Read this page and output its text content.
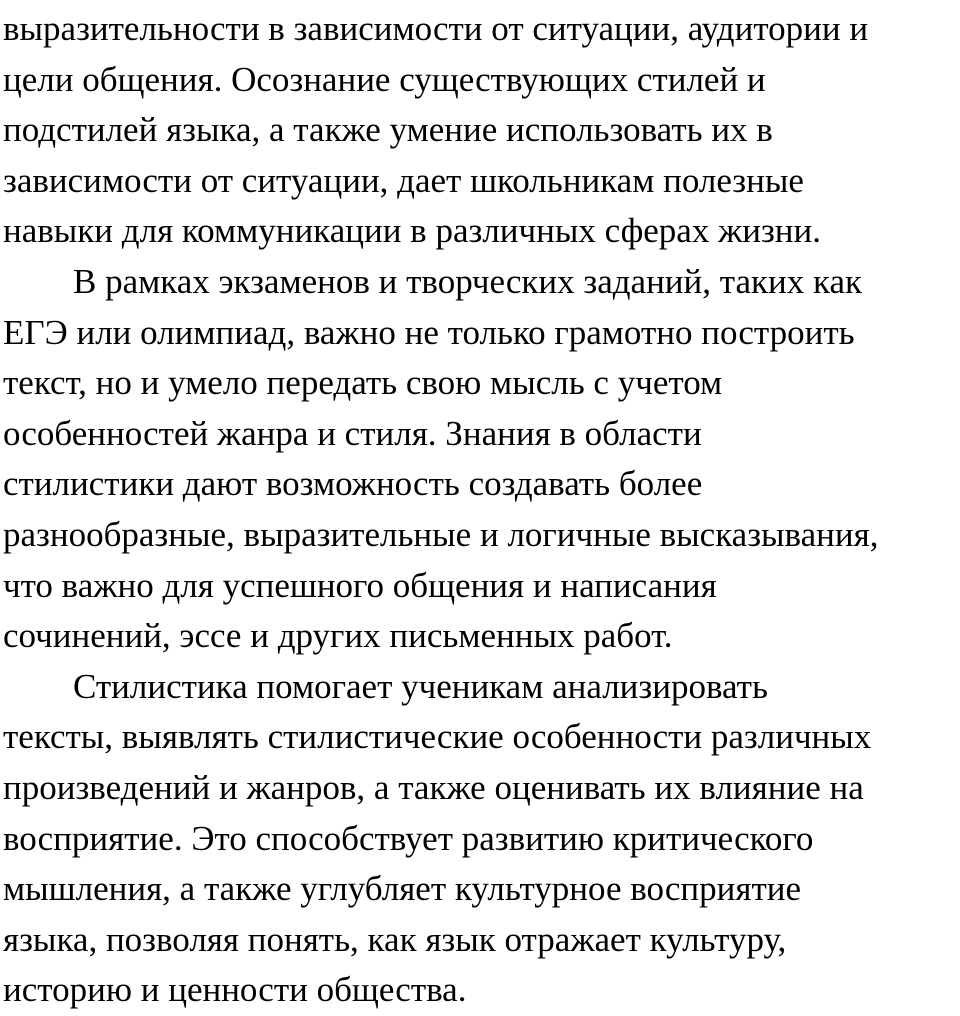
выразительности в зависимости от ситуации, аудитории и
цели общения. Осознание существующих стилей и
подстилей языка, а также умение использовать их в
зависимости от ситуации, дает школьникам полезные
навыки для коммуникации в различных сферах жизни.
В рамках экзаменов и творческих заданий, таких как
ЕГЭ или олимпиад, важно не только грамотно построить
текст, но и умело передать свою мысль с учетом
особенностей жанра и стиля. Знания в области
стилистики дают возможность создавать более
разнообразные, выразительные и логичные высказывания,
что важно для успешного общения и написания
сочинений, эссе и других письменных работ.
Стилистика помогает ученикам анализировать
тексты, выявлять стилистические особенности различных
произведений и жанров, а также оценивать их влияние на
восприятие. Это способствует развитию критического
мышления, а также углубляет культурное восприятие
языка, позволяя понять, как язык отражает культуру,
историю и ценности общества.
